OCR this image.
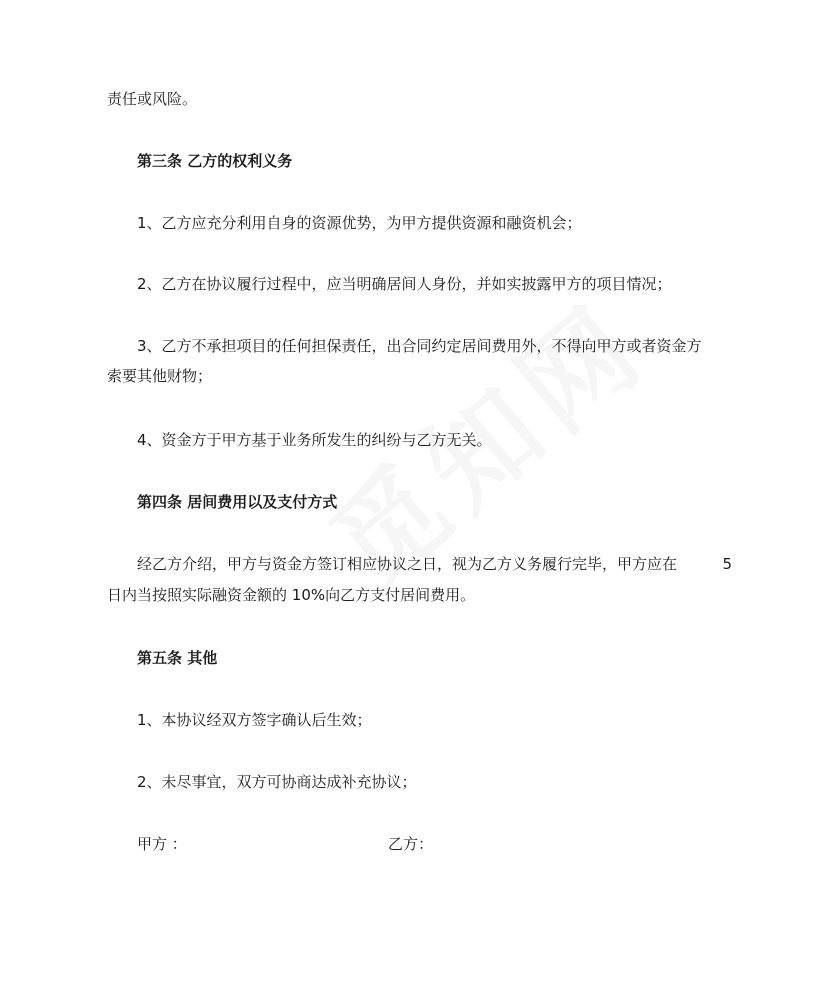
责任或风险。

第三条 乙方的权利义务

1、乙方应充分利用自身的资源优势，为甲方提供资源和融资机会；

2、乙方在协议履行过程中，应当明确居间人身份，并如实披露甲方的项目情况；

3、乙方不承担项目的任何担保责任，出合同约定居间费用外，不得向甲方或者资金方

索要其他财物；

4、资金方于甲方基于业务所发生的纠纷与乙方无关。

第四条 居间费用以及支付方式

经乙方介绍，甲方与资金方签订相应协议之日，视为乙方义务履行完毕，甲方应在	5

日内当按照实际融资金额的 10%向乙方支付居间费用。

第五条 其他

1、本协议经双方签字确认后生效；

2、未尽事宜，双方可协商达成补充协议；

甲方 ：	乙方：
